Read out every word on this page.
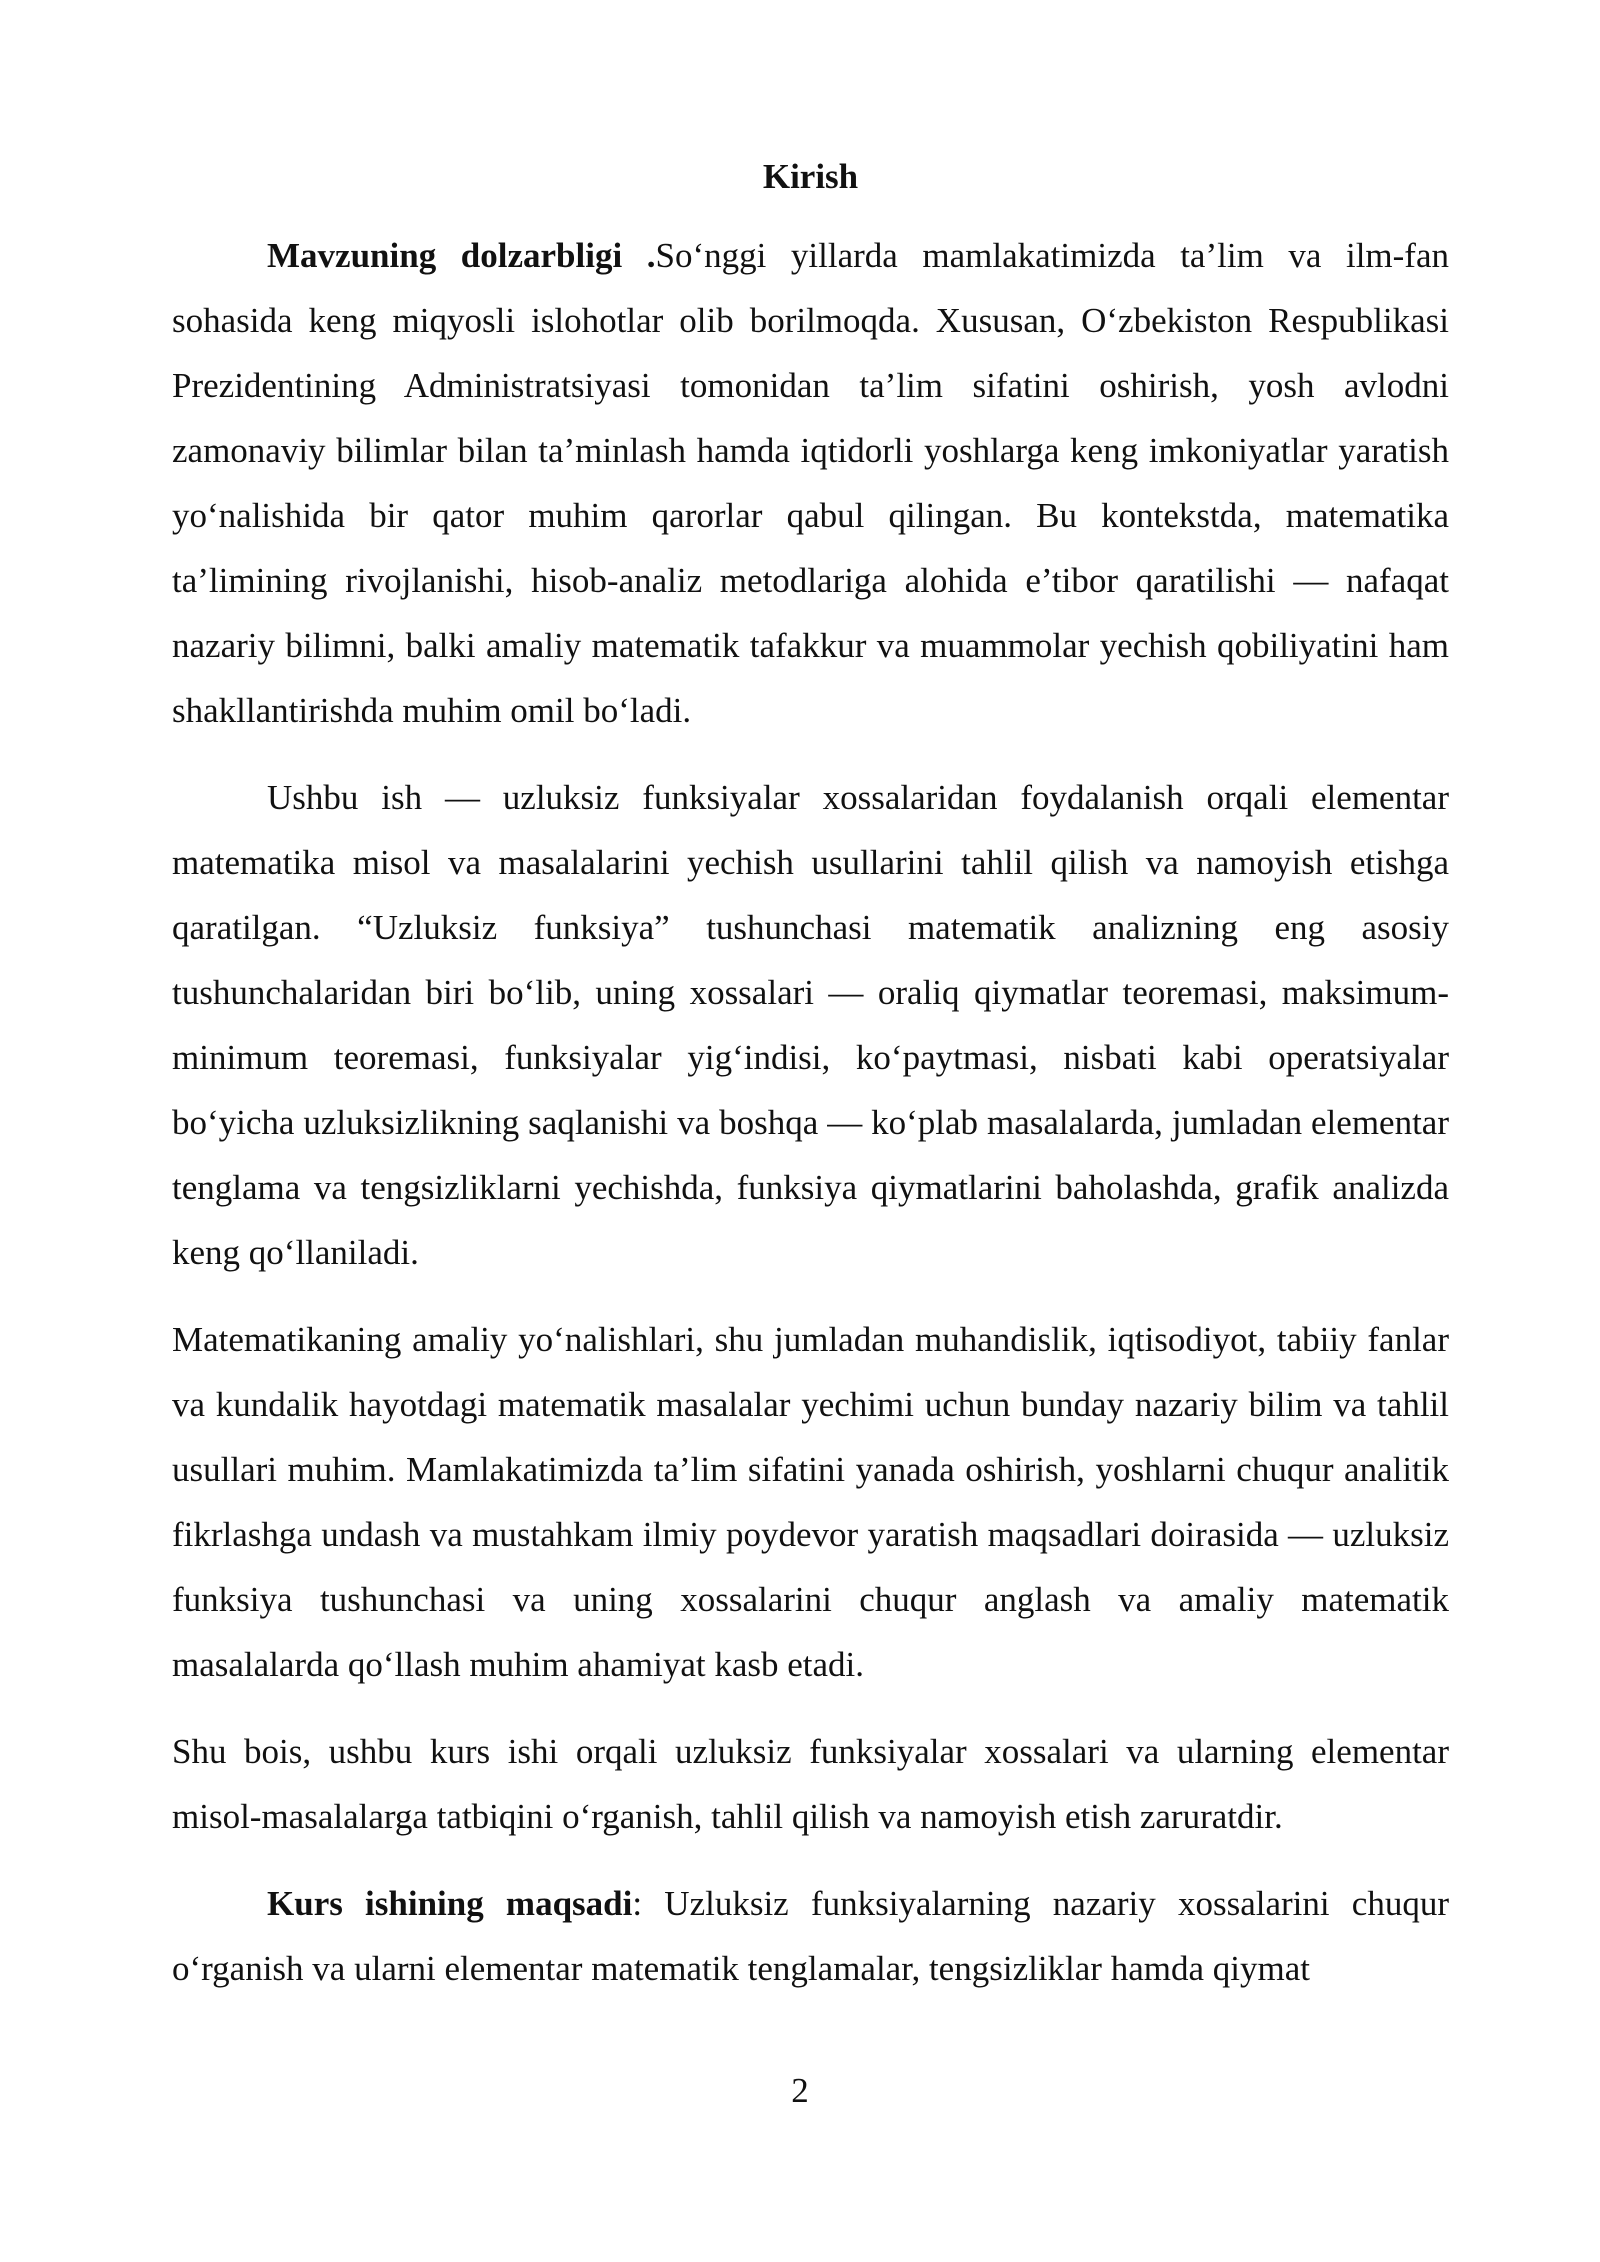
Kirish

Mavzuning dolzarbligi .So‘nggi yillarda mamlakatimizda ta’lim va ilm-fan sohasida keng miqyosli islohotlar olib borilmoqda. Xususan, O‘zbekiston Respublikasi Prezidentining Administratsiyasi tomonidan ta’lim sifatini oshirish, yosh avlodni zamonaviy bilimlar bilan ta’minlash hamda iqtidorli yoshlarga keng imkoniyatlar yaratish yo‘nalishida bir qator muhim qarorlar qabul qilingan. Bu kontekstda, matematika ta’limining rivojlanishi, hisob-analiz metodlariga alohida e’tibor qaratilishi — nafaqat nazariy bilimni, balki amaliy matematik tafakkur va muammolar yechish qobiliyatini ham shakllantirishda muhim omil bo‘ladi.

Ushbu ish — uzluksiz funksiyalar xossalaridan foydalanish orqali elementar matematika misol va masalalarini yechish usullarini tahlil qilish va namoyish etishga qaratilgan. “Uzluksiz funksiya” tushunchasi matematik analizning eng asosiy tushunchalaridan biri bo‘lib, uning xossalari — oraliq qiymatlar teoremasi, maksimum-minimum teoremasi, funksiyalar yig‘indisi, ko‘paytmasi, nisbati kabi operatsiyalar bo‘yicha uzluksizlikning saqlanishi va boshqa — ko‘plab masalalarda, jumladan elementar tenglama va tengsizliklarni yechishda, funksiya qiymatlarini baholashda, grafik analizda keng qo‘llaniladi.

Matematikaning amaliy yo‘nalishlari, shu jumladan muhandislik, iqtisodiyot, tabiiy fanlar va kundalik hayotdagi matematik masalalar yechimi uchun bunday nazariy bilim va tahlil usullari muhim. Mamlakatimizda ta’lim sifatini yanada oshirish, yoshlarni chuqur analitik fikrlashga undash va mustahkam ilmiy poydevor yaratish maqsadlari doirasida — uzluksiz funksiya tushunchasi va uning xossalarini chuqur anglash va amaliy matematik masalalarda qo‘llash muhim ahamiyat kasb etadi.

Shu bois, ushbu kurs ishi orqali uzluksiz funksiyalar xossalari va ularning elementar misol-masalalarga tatbiqini o‘rganish, tahlil qilish va namoyish etish zaruratdir.

Kurs ishining maqsadi: Uzluksiz funksiyalarning nazariy xossalarini chuqur o‘rganish va ularni elementar matematik tenglamalar, tengsizliklar hamda qiymat

2
